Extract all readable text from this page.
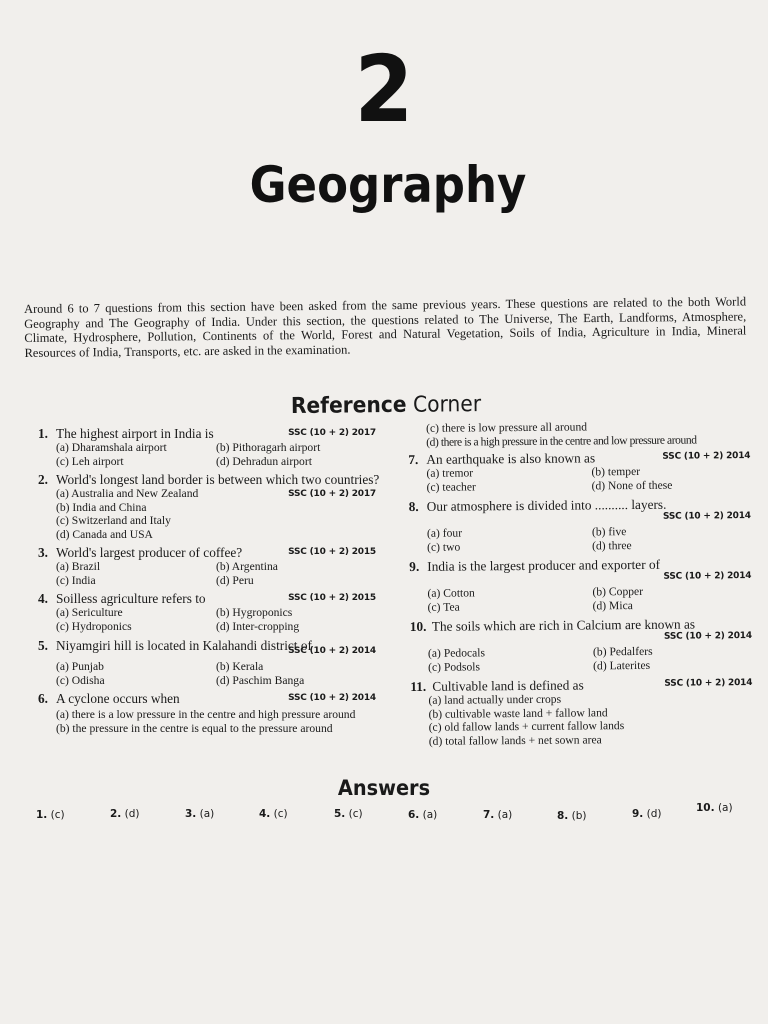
2
Geography
Around 6 to 7 questions from this section have been asked from the same previous years. These questions are related to the both World Geography and The Geography of India. Under this section, the questions related to The Universe, The Earth, Landforms, Atmosphere, Climate, Hydrosphere, Pollution, Continents of the World, Forest and Natural Vegetation, Soils of India, Agriculture in India, Mineral Resources of India, Transports, etc. are asked in the examination.
Reference Corner
1. The highest airport in India is	SSC (10 + 2) 2017
(a) Dharamshala airport	(b) Pithoragarh airport
(c) Leh airport	(d) Dehradun airport
2. World's longest land border is between which two countries?
SSC (10 + 2) 2017
(a) Australia and New Zealand
(b) India and China
(c) Switzerland and Italy
(d) Canada and USA
3. World's largest producer of coffee?	SSC (10 + 2) 2015
(a) Brazil	(b) Argentina
(c) India	(d) Peru
4. Soilless agriculture refers to	SSC (10 + 2) 2015
(a) Sericulture	(b) Hygroponics
(c) Hydroponics	(d) Inter-cropping
5. Niyamgiri hill is located in Kalahandi district of
SSC (10 + 2) 2014
(a) Punjab	(b) Kerala
(c) Odisha	(d) Paschim Banga
6. A cyclone occurs when	SSC (10 + 2) 2014
(a) there is a low pressure in the centre and high pressure around
(b) the pressure in the centre is equal to the pressure around
(c) there is low pressure all around
(d) there is a high pressure in the centre and low pressure around
7. An earthquake is also known as	SSC (10 + 2) 2014
(a) tremor	(b) temper
(c) teacher	(d) None of these
8. Our atmosphere is divided into .......... layers.
SSC (10 + 2) 2014
(a) four	(b) five
(c) two	(d) three
9. India is the largest producer and exporter of
SSC (10 + 2) 2014
(a) Cotton	(b) Copper
(c) Tea	(d) Mica
10. The soils which are rich in Calcium are known as
SSC (10 + 2) 2014
(a) Pedocals	(b) Pedalfers
(c) Podsols	(d) Laterites
11. Cultivable land is defined as	SSC (10 + 2) 2014
(a) land actually under crops
(b) cultivable waste land + fallow land
(c) old fallow lands + current fallow lands
(d) total fallow lands + net sown area
Answers
1. (c)	2. (d)	3. (a)	4. (c)	5. (c)	6. (a)	7. (a)	8. (b)	9. (d)	10. (a)
